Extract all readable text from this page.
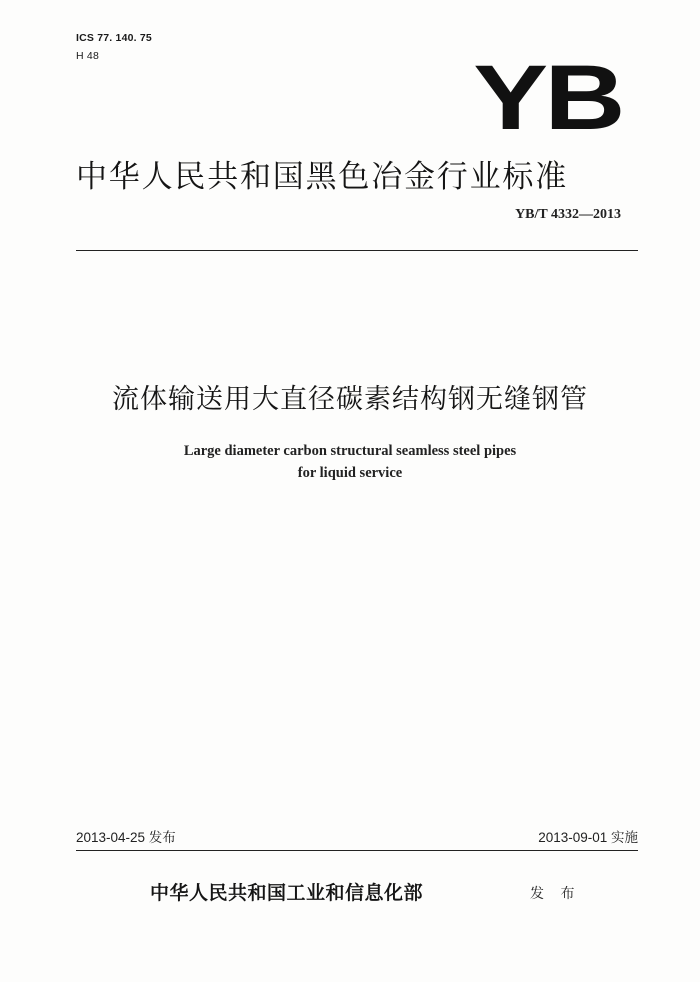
ICS 77. 140. 75
H 48	YB
中华人民共和国黑色冶金行业标准
YB/T 4332—2013
流体输送用大直径碳素结构钢无缝钢管
Large diameter carbon structural seamless steel pipes
for liquid service
2013-04-25 发布	2013-09-01 实施
中华人民共和国工业和信息化部	发 布
